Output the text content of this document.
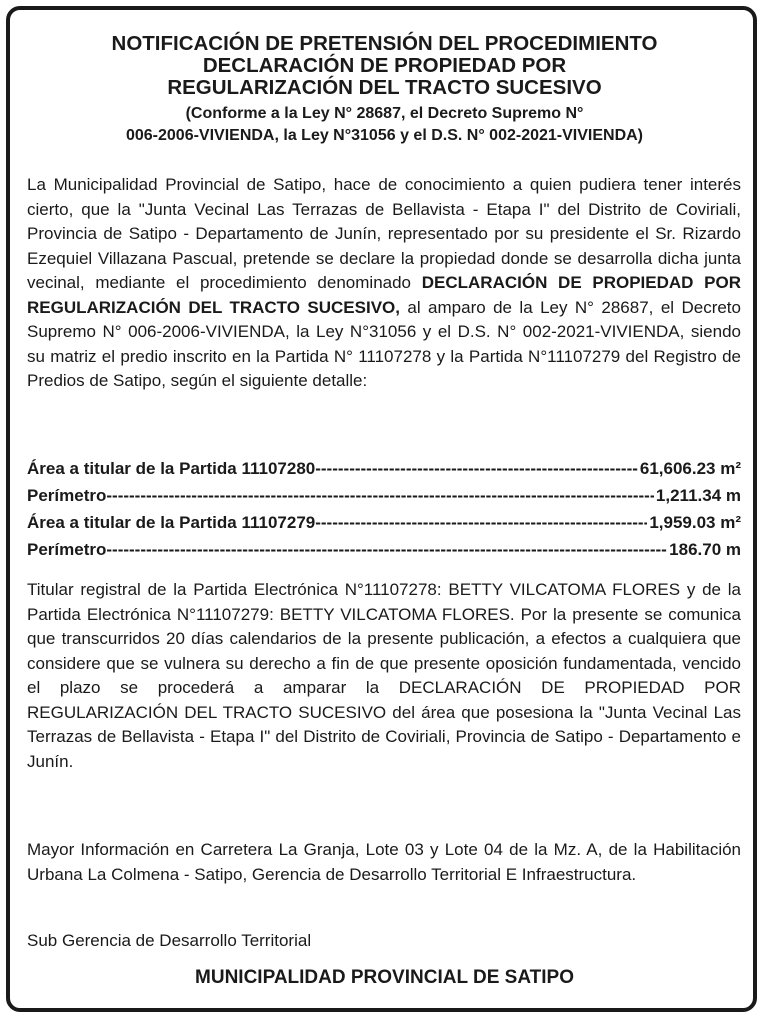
NOTIFICACIÓN DE PRETENSIÓN DEL PROCEDIMIENTO
DECLARACIÓN DE PROPIEDAD POR
REGULARIZACIÓN DEL TRACTO SUCESIVO
(Conforme a la Ley N° 28687, el Decreto Supremo N°
006-2006-VIVIENDA, la Ley N°31056 y el D.S. N° 002-2021-VIVIENDA)

La Municipalidad Provincial de Satipo, hace de conocimiento a quien pudiera tener interés cierto, que la "Junta Vecinal Las Terrazas de Bellavista - Etapa I" del Distrito de Coviriali, Provincia de Satipo - Departamento de Junín, representado por su presidente el Sr. Rizardo Ezequiel Villazana Pascual, pretende se declare la propiedad donde se desarrolla dicha junta vecinal, mediante el procedimiento denominado DECLARACIÓN DE PROPIEDAD POR REGULARIZACIÓN DEL TRACTO SUCESIVO, al amparo de la Ley N° 28687, el Decreto Supremo N° 006-2006-VIVIENDA, la Ley N°31056 y el D.S. N° 002-2021-VIVIENDA, siendo su matriz el predio inscrito en la Partida N° 11107278 y la Partida N°11107279 del Registro de Predios de Satipo, según el siguiente detalle:

Área a titular de la Partida 11107280 -----	61,606.23 m²
Perímetro -----	1,211.34 m
Área a titular de la Partida 11107279 -----	1,959.03 m²
Perímetro -----	186.70 m

Titular registral de la Partida Electrónica N°11107278: BETTY VILCATOMA FLORES y de la Partida Electrónica N°11107279: BETTY VILCATOMA FLORES. Por la presente se comunica que transcurridos 20 días calendarios de la presente publicación, a efectos a cualquiera que considere que se vulnera su derecho a fin de que presente oposición fundamentada, vencido el plazo se procederá a amparar la DECLARACIÓN DE PROPIEDAD POR REGULARIZACIÓN DEL TRACTO SUCESIVO del área que posesiona la "Junta Vecinal Las Terrazas de Bellavista - Etapa I" del Distrito de Coviriali, Provincia de Satipo - Departamento e Junín.

Mayor Información en Carretera La Granja, Lote 03 y Lote 04 de la Mz. A, de la Habilitación Urbana La Colmena - Satipo, Gerencia de Desarrollo Territorial E Infraestructura.

Sub Gerencia de Desarrollo Territorial

MUNICIPALIDAD PROVINCIAL DE SATIPO
